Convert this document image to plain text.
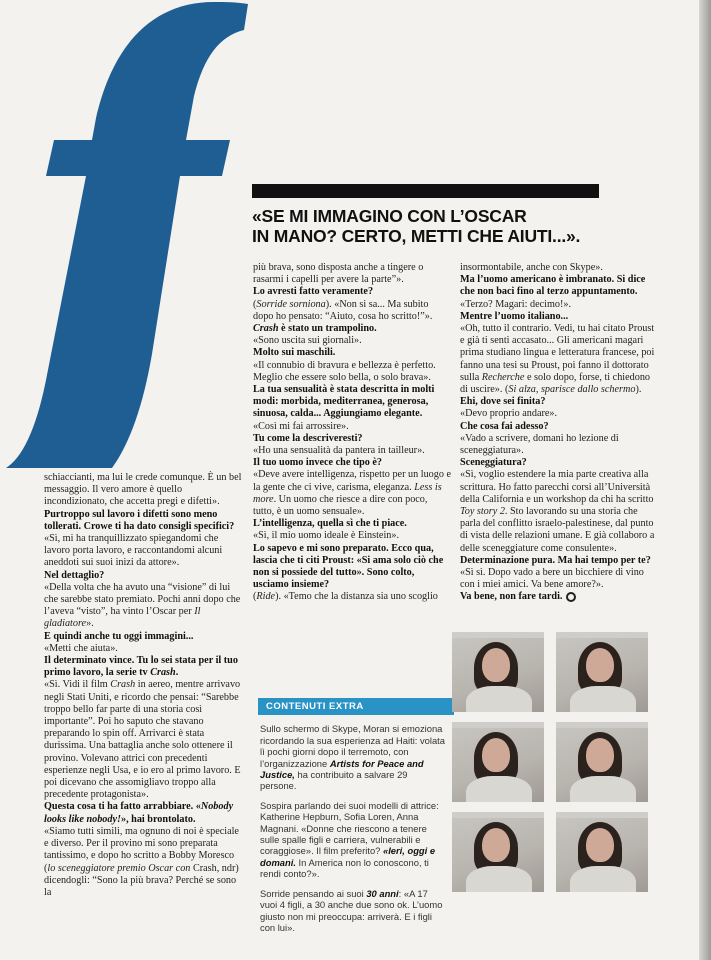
«SE MI IMMAGINO CON L’OSCAR
IN MANO? CERTO, METTI CHE AIUTI...».

schiaccianti, ma lui le crede comunque. È un bel messaggio. Il vero amore è quello incondizionato, che accetta pregi e difetti».

Purtroppo sul lavoro i difetti sono meno tollerati. Crowe ti ha dato consigli specifici?

«Sì, mi ha tranquillizzato spiegandomi che lavoro porta lavoro, e raccontandomi alcuni aneddoti sui suoi inizi da attore».

Nel dettaglio?

«Della volta che ha avuto una “visione” di lui che sarebbe stato premiato. Pochi anni dopo che l’aveva “visto”, ha vinto l’Oscar per Il gladiatore».

E quindi anche tu oggi immagini...

«Metti che aiuta».

Il determinato vince. Tu lo sei stata per il tuo primo lavoro, la serie tv Crash.

«Sì. Vidi il film Crash in aereo, mentre arrivavo negli Stati Uniti, e ricordo che pensai: “Sarebbe troppo bello far parte di una storia così importante”. Poi ho saputo che stavano preparando lo spin off. Arrivarci è stata durissima. Una battaglia anche solo ottenere il provino. Volevano attrici con precedenti esperienze negli Usa, e io ero al primo lavoro. E poi dicevano che assomigliavo troppo alla precedente protagonista».

Questa cosa ti ha fatto arrabbiare. «Nobody looks like nobody!», hai brontolato.

«Siamo tutti simili, ma ognuno di noi è speciale e diverso. Per il provino mi sono preparata tantissimo, e dopo ho scritto a Bobby Moresco (lo sceneggiatore premio Oscar con Crash, ndr) dicendogli: “Sono la più brava? Perché se sono la

più brava, sono disposta anche a tingere o rasarmi i capelli per avere la parte”».

Lo avresti fatto veramente?

(Sorride sorniona). «Non si sa... Ma subito dopo ho pensato: “Aiuto, cosa ho scritto!”».

Crash è stato un trampolino.

«Sono uscita sui giornali».

Molto sui maschili.

«Il connubio di bravura e bellezza è perfetto. Meglio che essere solo bella, o solo brava».

La tua sensualità è stata descritta in molti modi: morbida, mediterranea, generosa, sinuosa, calda... Aggiungiamo elegante.

«Così mi fai arrossire».

Tu come la descriveresti?

«Ho una sensualità da pantera in tailleur».

Il tuo uomo invece che tipo è?

«Deve avere intelligenza, rispetto per un luogo e la gente che ci vive, carisma, eleganza. Less is more. Un uomo che riesce a dire con poco, tutto, è un uomo sensuale».

L’intelligenza, quella sì che ti piace.

«Sì, il mio uomo ideale è Einstein».

Lo sapevo e mi sono preparato. Ecco qua, lascia che ti citi Proust: «Si ama solo ciò che non si possiede del tutto». Sono colto, usciamo insieme?

(Ride). «Temo che la distanza sia uno scoglio

insormontabile, anche con Skype».

Ma l’uomo americano è imbranato. Si dice che non baci fino al terzo appuntamento.

«Terzo? Magari: decimo!».

Mentre l’uomo italiano...

«Oh, tutto il contrario. Vedi, tu hai citato Proust e già ti senti accasato... Gli americani magari prima studiano lingua e letteratura francese, poi fanno una tesi su Proust, poi fanno il dottorato sulla Recherche e solo dopo, forse, ti chiedono di uscire». (Si alza, sparisce dallo schermo).

Ehi, dove sei finita?

«Devo proprio andare».

Che cosa fai adesso?

«Vado a scrivere, domani ho lezione di sceneggiatura».

Sceneggiatura?

«Sì, voglio estendere la mia parte creativa alla scrittura. Ho fatto parecchi corsi all’Università della California e un workshop da chi ha scritto Toy story 2. Sto lavorando su una storia che parla del conflitto israelo-palestinese, dal punto di vista delle relazioni umane. E già collaboro a delle sceneggiature come consulente».

Determinazione pura. Ma hai tempo per te?

«Sì sì. Dopo vado a bere un bicchiere di vino con i miei amici. Va bene amore?».

Va bene, non fare tardi.

CONTENUTI EXTRA

Sullo schermo di Skype, Moran si emoziona ricordando la sua esperienza ad Haiti: volata lì pochi giorni dopo il terremoto, con l’organizzazione Artists for Peace and Justice, ha contribuito a salvare 29 persone.

Sospira parlando dei suoi modelli di attrice: Katherine Hepburn, Sofia Loren, Anna Magnani. «Donne che riescono a tenere sulle spalle figli e carriera, vulnerabili e coraggiose». Il film preferito? «Ieri, oggi e domani. In America non lo conoscono, ti rendi conto?».

Sorride pensando ai suoi 30 anni: «A 17 vuoi 4 figli, a 30 anche due sono ok. L’uomo giusto non mi preoccupa: arriverà. E i figli con lui».
